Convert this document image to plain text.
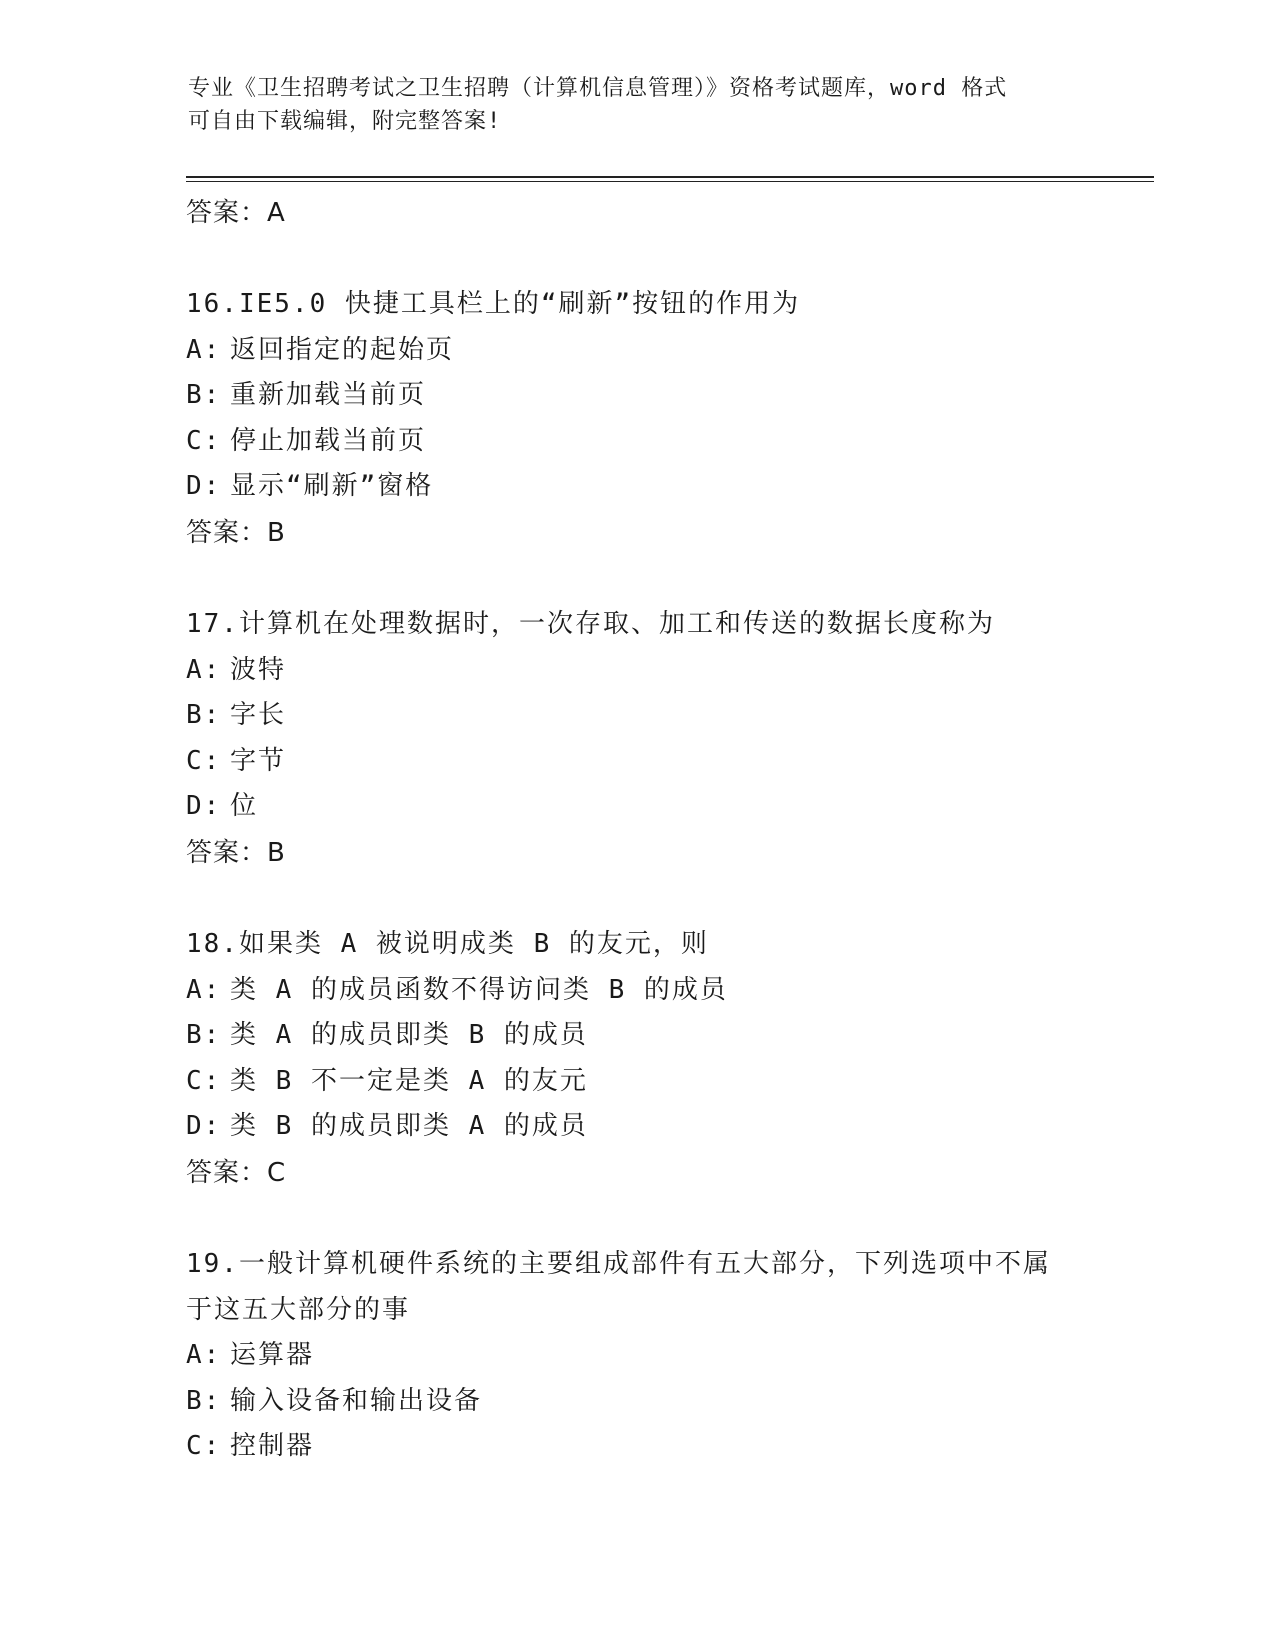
专业《卫生招聘考试之卫生招聘（计算机信息管理）》资格考试题库，word 格式
可自由下载编辑，附完整答案!
答案：A
16.IE5.0 快捷工具栏上的“刷新”按钮的作用为
A: 返回指定的起始页
B: 重新加载当前页
C: 停止加载当前页
D: 显示“刷新”窗格
答案：B
17.计算机在处理数据时，一次存取、加工和传送的数据长度称为
A: 波特
B: 字长
C: 字节
D: 位
答案：B
18.如果类 A 被说明成类 B 的友元，则
A: 类 A 的成员函数不得访问类 B 的成员
B: 类 A 的成员即类 B 的成员
C: 类 B 不一定是类 A 的友元
D: 类 B 的成员即类 A 的成员
答案：C
19.一般计算机硬件系统的主要组成部件有五大部分，下列选项中不属
于这五大部分的事
A: 运算器
B: 输入设备和输出设备
C: 控制器
